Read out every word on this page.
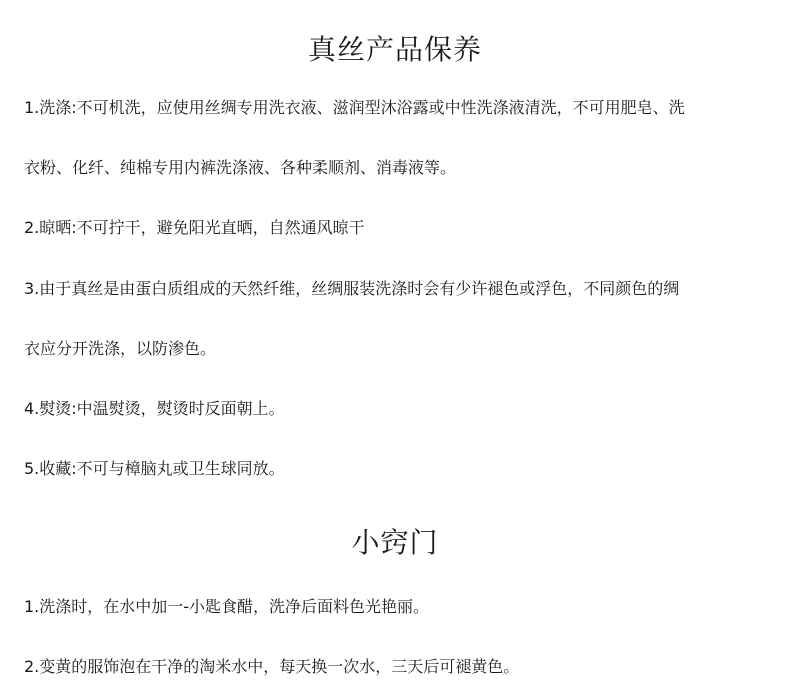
真丝产品保养

1.洗涤:不可机洗，应使用丝绸专用洗衣液、滋润型沐浴露或中性洗涤液清洗，不可用肥皂、洗

衣粉、化纤、纯棉专用内裤洗涤液、各种柔顺剂、消毒液等。

2.晾晒:不可拧干，避免阳光直晒，自然通风晾干

3.由于真丝是由蛋白质组成的天然纤维，丝绸服装洗涤时会有少许褪色或浮色，不同颜色的绸

衣应分开洗涤，以防渗色。

4.熨烫:中温熨烫，熨烫时反面朝上。

5.收藏:不可与樟脑丸或卫生球同放。

小窍门

1.洗涤时，在水中加一-小匙食醋，洗净后面料色光艳丽。

2.变黄的服饰泡在干净的淘米水中，每天换一次水，三天后可褪黄色。
